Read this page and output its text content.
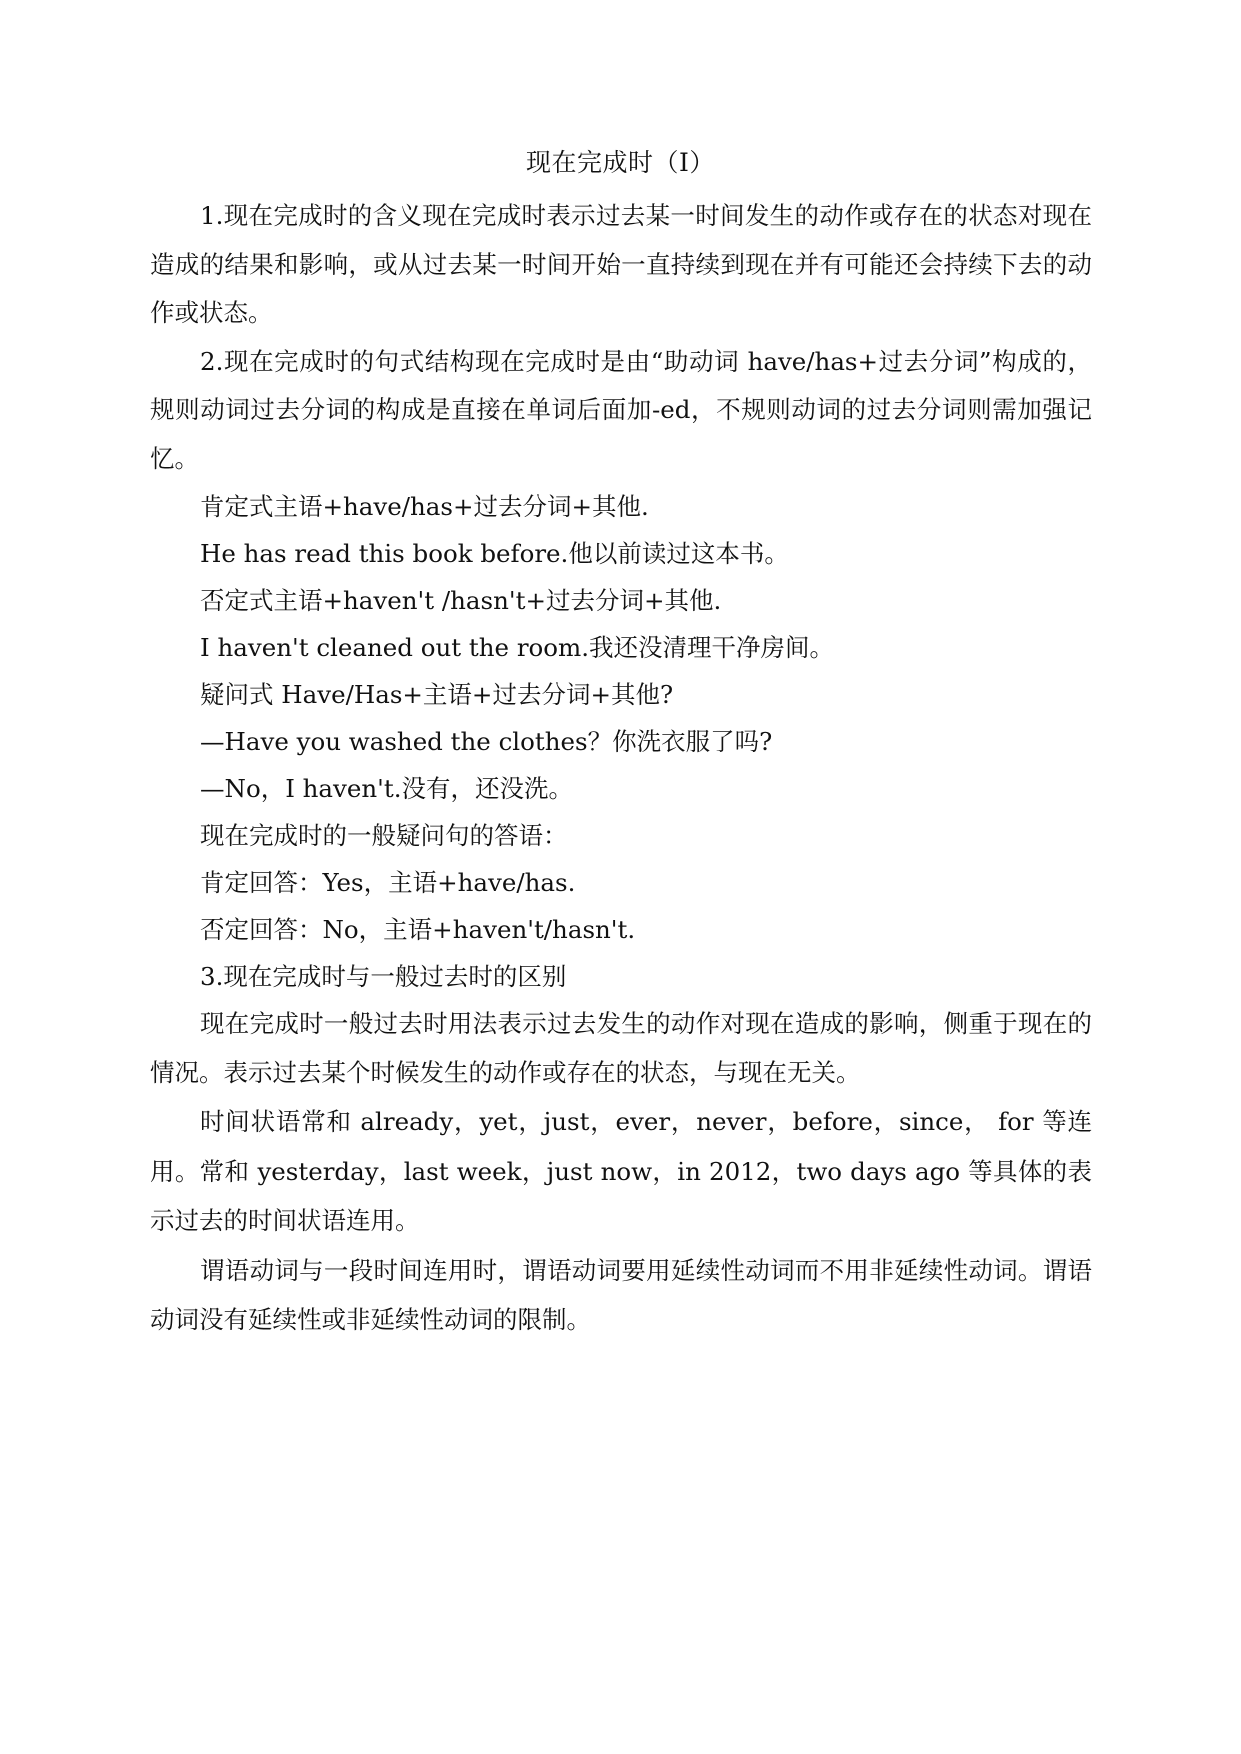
现在完成时（I）

1.现在完成时的含义现在完成时表示过去某一时间发生的动作或存在的状态对现在造成的结果和影响，或从过去某一时间开始一直持续到现在并有可能还会持续下去的动作或状态。

2.现在完成时的句式结构现在完成时是由“助动词 have/has+过去分词”构成的，规则动词过去分词的构成是直接在单词后面加-ed，不规则动词的过去分词则需加强记忆。

肯定式主语+have/has+过去分词+其他.

He has read this book before.他以前读过这本书。

否定式主语+haven't /hasn't+过去分词+其他.

I haven't cleaned out the room.我还没清理干净房间。

疑问式 Have/Has+主语+过去分词+其他?

—Have you washed the clothes？你洗衣服了吗?

—No，I haven't.没有，还没洗。

现在完成时的一般疑问句的答语：

肯定回答：Yes，主语+have/has.

否定回答：No，主语+haven't/hasn't.

3.现在完成时与一般过去时的区别

现在完成时一般过去时用法表示过去发生的动作对现在造成的影响，侧重于现在的情况。表示过去某个时候发生的动作或存在的状态，与现在无关。

时间状语常和 already，yet，just，ever，never，before，since， for 等连用。常和 yesterday，last week，just now，in 2012，two days ago 等具体的表示过去的时间状语连用。

谓语动词与一段时间连用时，谓语动词要用延续性动词而不用非延续性动词。谓语动词没有延续性或非延续性动词的限制。
